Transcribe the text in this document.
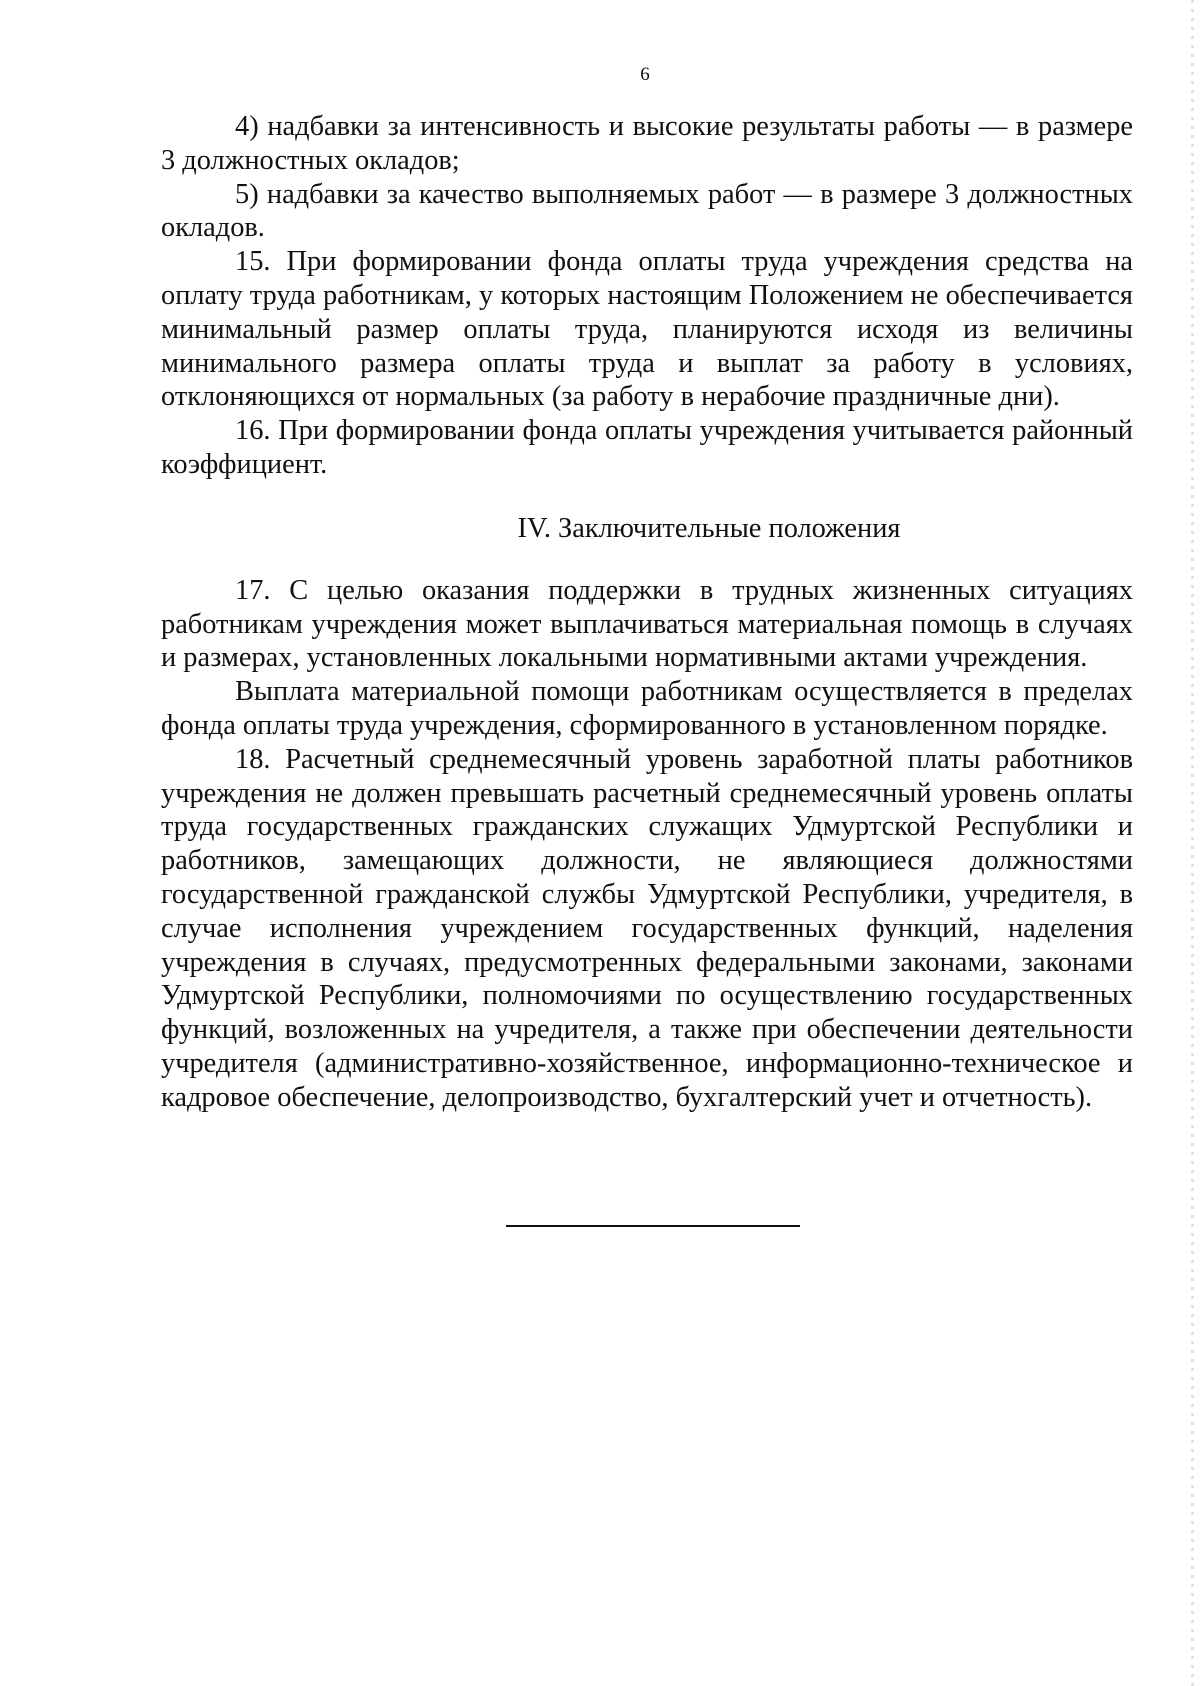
6

4) надбавки за интенсивность и высокие результаты работы — в размере 3 должностных окладов;

5) надбавки за качество выполняемых работ — в размере 3 должностных окладов.

15. При формировании фонда оплаты труда учреждения средства на оплату труда работникам, у которых настоящим Положением не обеспечивается минимальный размер оплаты труда, планируются исходя из величины минимального размера оплаты труда и выплат за работу в условиях, отклоняющихся от нормальных (за работу в нерабочие праздничные дни).

16. При формировании фонда оплаты учреждения учитывается районный коэффициент.

IV. Заключительные положения

17. С целью оказания поддержки в трудных жизненных ситуациях работникам учреждения может выплачиваться материальная помощь в случаях и размерах, установленных локальными нормативными актами учреждения.

Выплата материальной помощи работникам осуществляется в пределах фонда оплаты труда учреждения, сформированного в установленном порядке.

18. Расчетный среднемесячный уровень заработной платы работников учреждения не должен превышать расчетный среднемесячный уровень оплаты труда государственных гражданских служащих Удмуртской Республики и работников, замещающих должности, не являющиеся должностями государственной гражданской службы Удмуртской Республики, учредителя, в случае исполнения учреждением государственных функций, наделения учреждения в случаях, предусмотренных федеральными законами, законами Удмуртской Республики, полномочиями по осуществлению государственных функций, возложенных на учредителя, а также при обеспечении деятельности учредителя (административно-хозяйственное, информационно-техническое и кадровое обеспечение, делопроизводство, бухгалтерский учет и отчетность).
